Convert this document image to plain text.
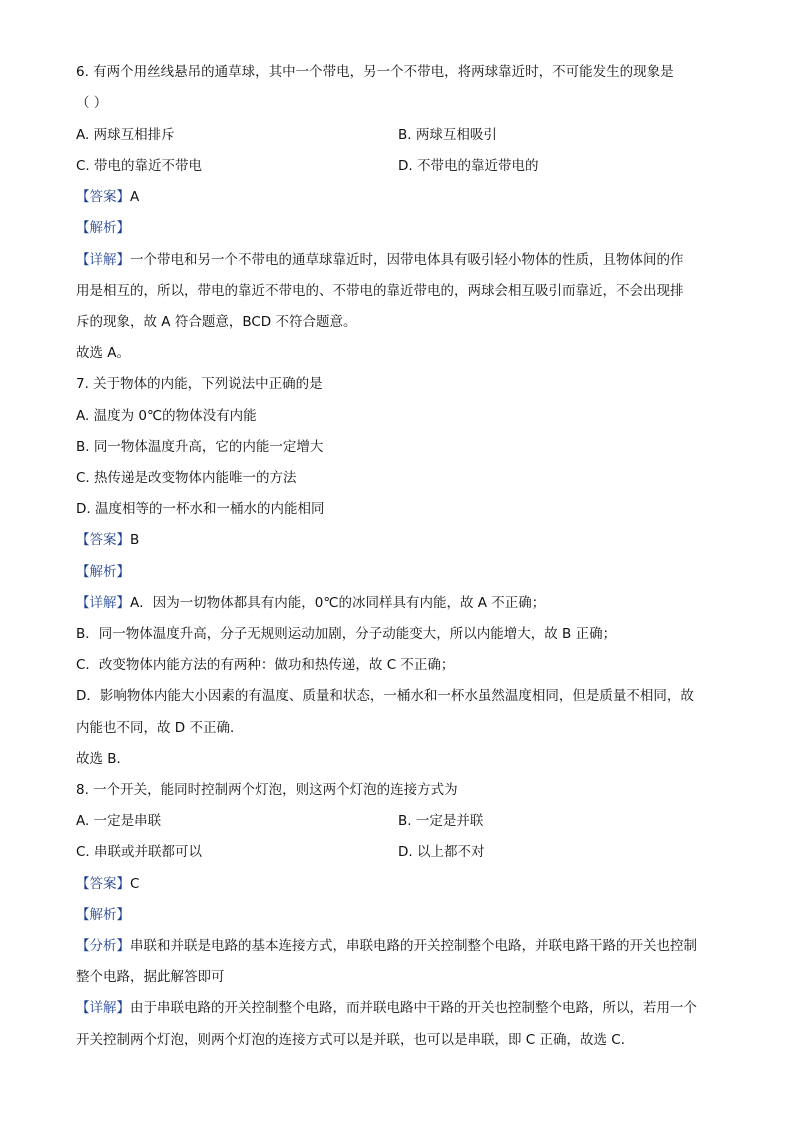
6. 有两个用丝线悬吊的通草球，其中一个带电，另一个不带电，将两球靠近时，不可能发生的现象是
（ ）
A. 两球互相排斥	B. 两球互相吸引
C. 带电的靠近不带电	D. 不带电的靠近带电的
【答案】A
【解析】
【详解】一个带电和另一个不带电的通草球靠近时，因带电体具有吸引轻小物体的性质，且物体间的作
用是相互的，所以，带电的靠近不带电的、不带电的靠近带电的，两球会相互吸引而靠近，不会出现排
斥的现象，故 A 符合题意，BCD 不符合题意。
故选 A。
7. 关于物体的内能，下列说法中正确的是
A. 温度为 0℃的物体没有内能
B. 同一物体温度升高，它的内能一定增大
C. 热传递是改变物体内能唯一的方法
D. 温度相等的一杯水和一桶水的内能相同
【答案】B
【解析】
【详解】A．因为一切物体都具有内能，0℃的冰同样具有内能，故 A 不正确；
B．同一物体温度升高，分子无规则运动加剧，分子动能变大，所以内能增大，故 B 正确；
C．改变物体内能方法的有两种：做功和热传递，故 C 不正确；
D．影响物体内能大小因素的有温度、质量和状态，一桶水和一杯水虽然温度相同，但是质量不相同，故
内能也不同，故 D 不正确．
故选 B．
8. 一个开关，能同时控制两个灯泡，则这两个灯泡的连接方式为
A. 一定是串联	B. 一定是并联
C. 串联或并联都可以	D. 以上都不对
【答案】C
【解析】
【分析】串联和并联是电路的基本连接方式，串联电路的开关控制整个电路，并联电路干路的开关也控制
整个电路，据此解答即可
【详解】由于串联电路的开关控制整个电路，而并联电路中干路的开关也控制整个电路，所以，若用一个
开关控制两个灯泡，则两个灯泡的连接方式可以是并联，也可以是串联，即 C 正确，故选 C．
